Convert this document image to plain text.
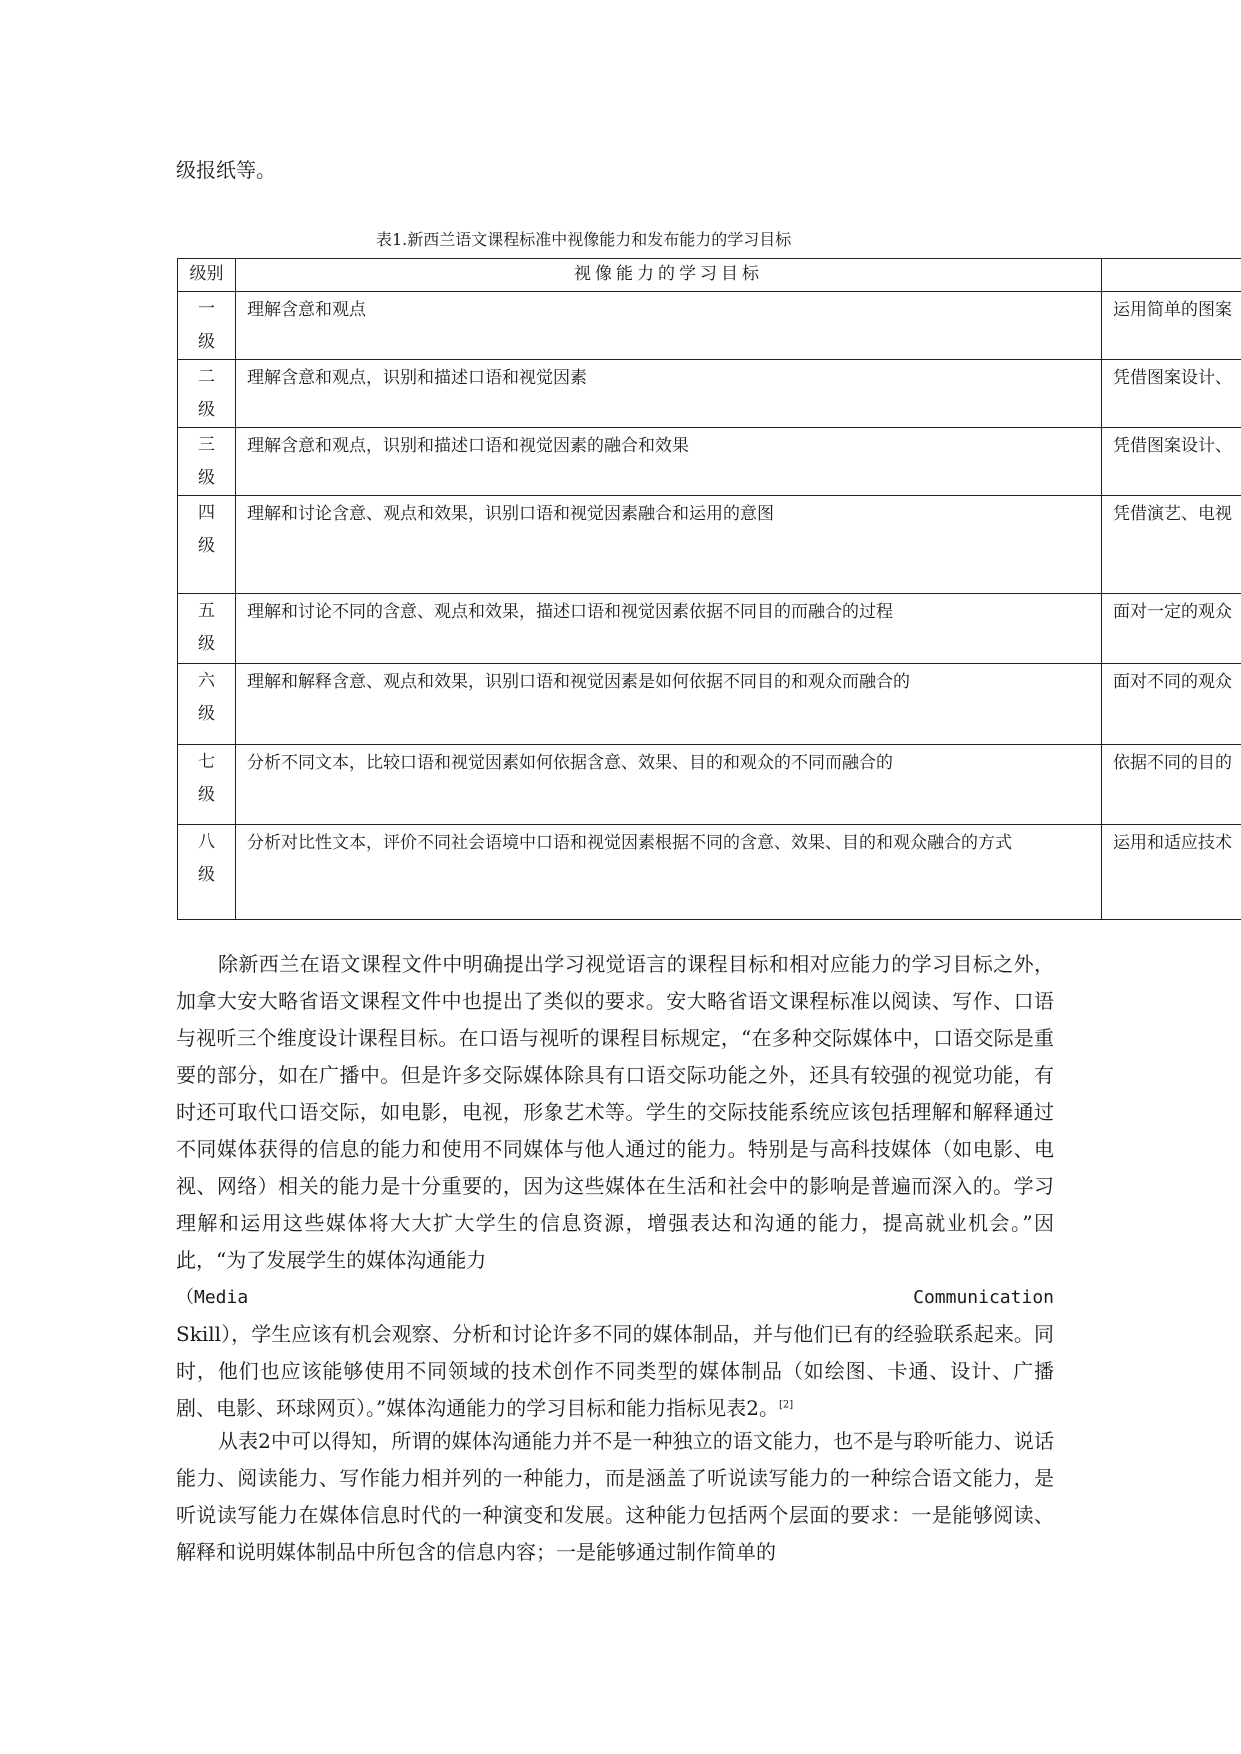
级报纸等。
表1.新西兰语文课程标准中视像能力和发布能力的学习目标
级别	视像能力的学习目标	

一
级	理解含意和观点	运用简单的图案

二
级	理解含意和观点，识别和描述口语和视觉因素	凭借图案设计、

三
级	理解含意和观点，识别和描述口语和视觉因素的融合和效果	凭借图案设计、

四
级	理解和讨论含意、观点和效果，识别口语和视觉因素融合和运用的意图	凭借演艺、电视

五
级	理解和讨论不同的含意、观点和效果，描述口语和视觉因素依据不同目的而融合的过程	面对一定的观众

六
级	理解和解释含意、观点和效果，识别口语和视觉因素是如何依据不同目的和观众而融合的	面对不同的观众

七
级	分析不同文本，比较口语和视觉因素如何依据含意、效果、目的和观众的不同而融合的	依据不同的目的

八
级	分析对比性文本，评价不同社会语境中口语和视觉因素根据不同的含意、效果、目的和观众融合的方式	运用和适应技术

除新西兰在语文课程文件中明确提出学习视觉语言的课程目标和相对应能力的学习目标之外，加拿大安大略省语文课程文件中也提出了类似的要求。安大略省语文课程标准以阅读、写作、口语与视听三个维度设计课程目标。在口语与视听的课程目标规定，“在多种交际媒体中，口语交际是重要的部分，如在广播中。但是许多交际媒体除具有口语交际功能之外，还具有较强的视觉功能，有时还可取代口语交际，如电影，电视，形象艺术等。学生的交际技能系统应该包括理解和解释通过不同媒体获得的信息的能力和使用不同媒体与他人通过的能力。特别是与高科技媒体（如电影、电视、网络）相关的能力是十分重要的，因为这些媒体在生活和社会中的影响是普遍而深入的。学习理解和运用这些媒体将大大扩大学生的信息资源，增强表达和沟通的能力，提高就业机会。”因此，“为了发展学生的媒体沟通能力

（Media	Communication

Skill），学生应该有机会观察、分析和讨论许多不同的媒体制品，并与他们已有的经验联系起来。同时，他们也应该能够使用不同领域的技术创作不同类型的媒体制品（如绘图、卡通、设计、广播剧、电影、环球网页）。”媒体沟通能力的学习目标和能力指标见表2。[2]

从表2中可以得知，所谓的媒体沟通能力并不是一种独立的语文能力，也不是与聆听能力、说话能力、阅读能力、写作能力相并列的一种能力，而是涵盖了听说读写能力的一种综合语文能力，是听说读写能力在媒体信息时代的一种演变和发展。这种能力包括两个层面的要求：一是能够阅读、解释和说明媒体制品中所包含的信息内容；一是能够通过制作简单的
